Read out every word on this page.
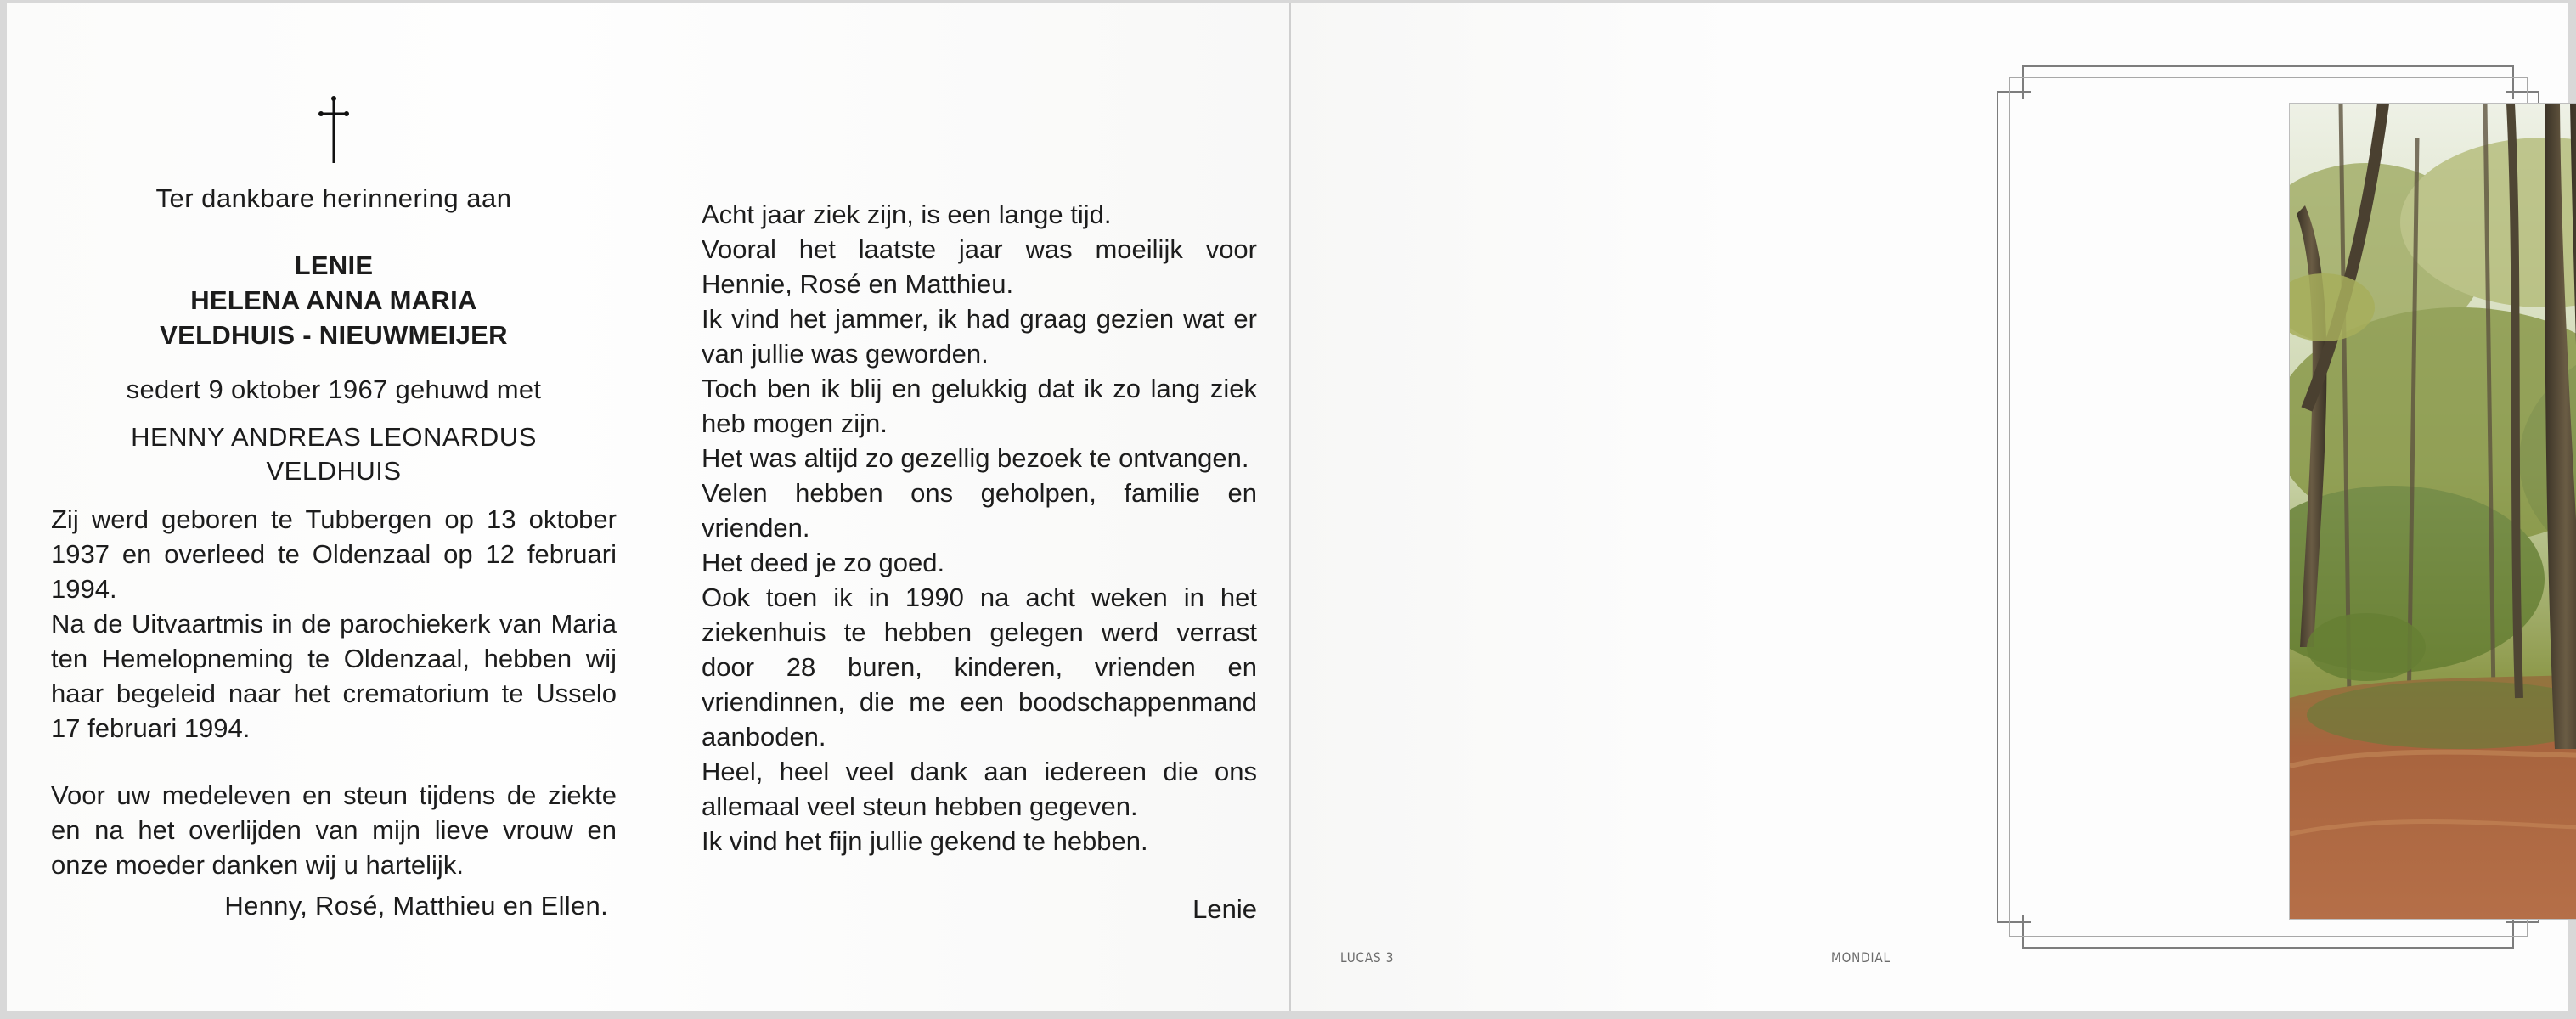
Ter dankbare herinnering aan

LENIE

HELENA ANNA MARIA

VELDHUIS - NIEUWMEIJER

sedert 9 oktober 1967 gehuwd met

HENNY ANDREAS LEONARDUS

VELDHUIS

Zij werd geboren te Tubbergen op 13 oktober 1937 en overleed te Oldenzaal op 12 februari 1994.

Na de Uitvaartmis in de parochiekerk van Maria ten Hemelopneming te Oldenzaal, hebben wij haar begeleid naar het crematorium te Usselo 17 februari 1994.

Voor uw medeleven en steun tijdens de ziekte en na het overlijden van mijn lieve vrouw en onze moeder danken wij u hartelijk.

Henny, Rosé, Matthieu en Ellen.

Acht jaar ziek zijn, is een lange tijd.

Vooral het laatste jaar was moeilijk voor Hennie, Rosé en Matthieu.

Ik vind het jammer, ik had graag gezien wat er van jullie was geworden.

Toch ben ik blij en gelukkig dat ik zo lang ziek heb mogen zijn.

Het was altijd zo gezellig bezoek te ontvangen.

Velen hebben ons geholpen, familie en vrienden.

Het deed je zo goed.

Ook toen ik in 1990 na acht weken in het ziekenhuis te hebben gelegen werd verrast door 28 buren, kinderen, vrienden en vriendinnen, die me een boodschappenmand aanboden.

Heel, heel veel dank aan iedereen die ons allemaal veel steun hebben gegeven.

Ik vind het fijn jullie gekend te hebben.

Lenie

LUCAS 3	MONDIAL
